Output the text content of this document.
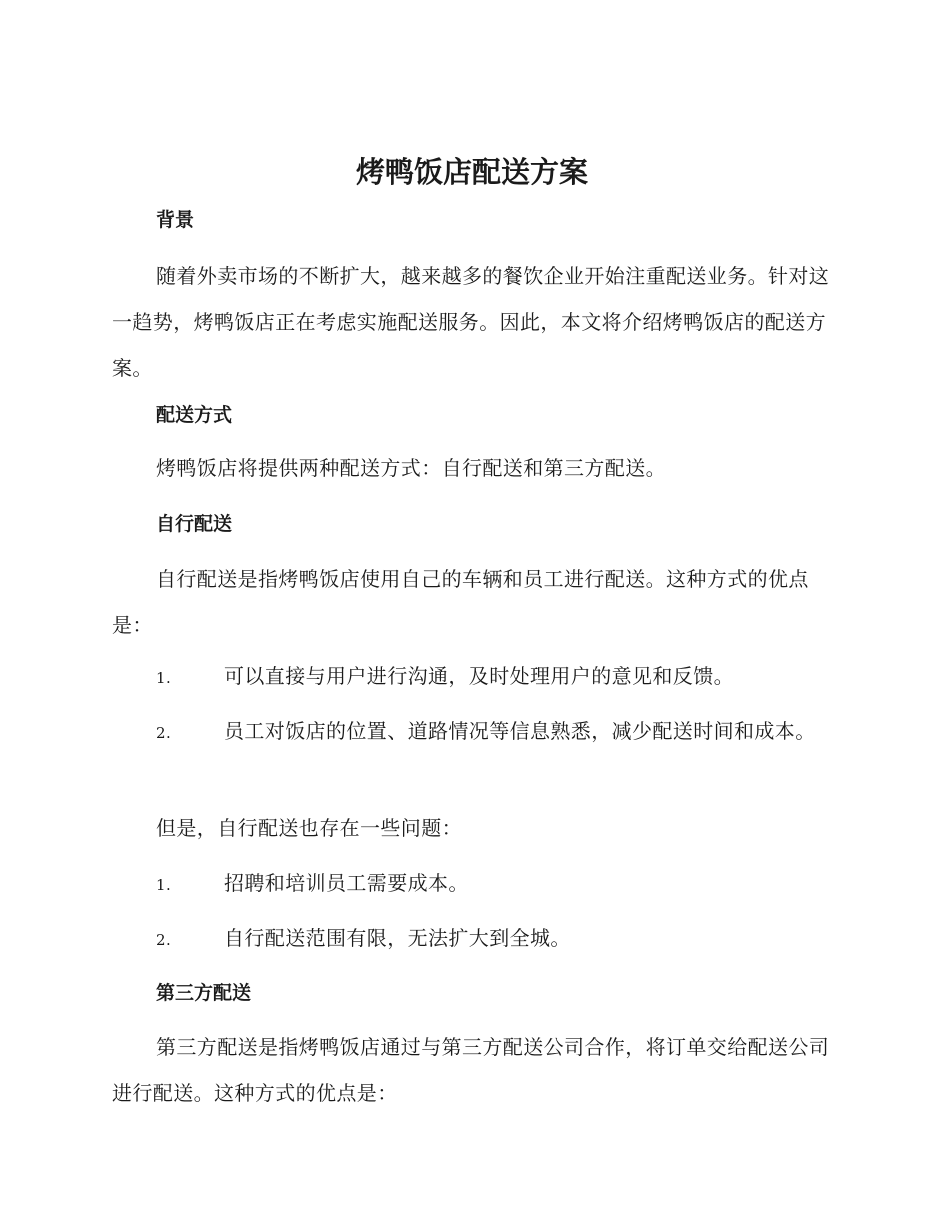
烤鸭饭店配送方案
背景

随着外卖市场的不断扩大，越来越多的餐饮企业开始注重配送业务。针对这一趋势，烤鸭饭店正在考虑实施配送服务。因此，本文将介绍烤鸭饭店的配送方案。

配送方式

烤鸭饭店将提供两种配送方式：自行配送和第三方配送。

自行配送

自行配送是指烤鸭饭店使用自己的车辆和员工进行配送。这种方式的优点是：

1.	可以直接与用户进行沟通，及时处理用户的意见和反馈。

2.	员工对饭店的位置、道路情况等信息熟悉，减少配送时间和成本。

但是，自行配送也存在一些问题：

1.	招聘和培训员工需要成本。

2.	自行配送范围有限，无法扩大到全城。

第三方配送

第三方配送是指烤鸭饭店通过与第三方配送公司合作，将订单交给配送公司进行配送。这种方式的优点是：
